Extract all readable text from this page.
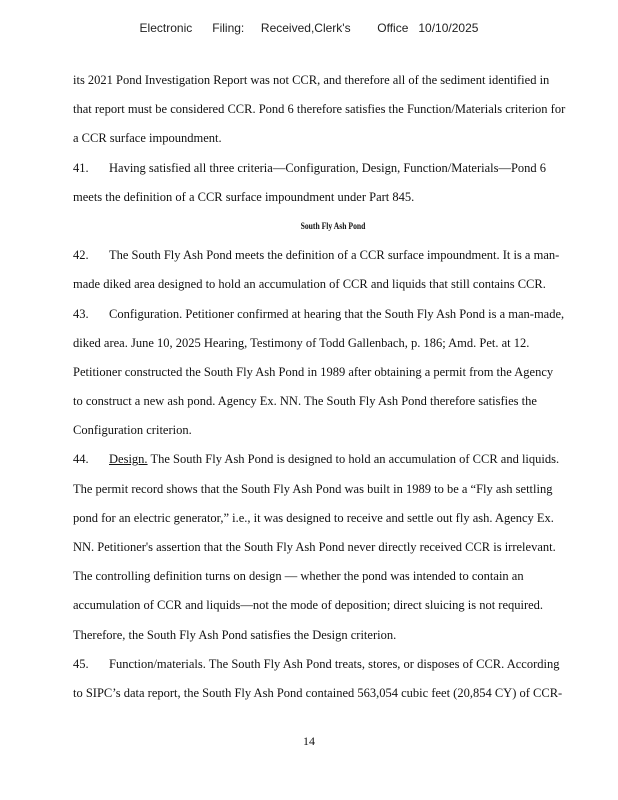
Electronic      Filing:     Received,Clerk's        Office   10/10/2025
its 2021 Pond Investigation Report was not CCR, and therefore all of the sediment identified in
that report must be considered CCR. Pond 6 therefore satisfies the Function/Materials criterion for
a CCR surface impoundment.
41. Having satisfied all three criteria—Configuration, Design, Function/Materials—Pond 6
meets the definition of a CCR surface impoundment under Part 845.
South Fly Ash Pond
42. The South Fly Ash Pond meets the definition of a CCR surface impoundment. It is a man-
made diked area designed to hold an accumulation of CCR and liquids that still contains CCR.
43. Configuration. Petitioner confirmed at hearing that the South Fly Ash Pond is a man-made,
diked area. June 10, 2025 Hearing, Testimony of Todd Gallenbach, p. 186; Amd. Pet. at 12.
Petitioner constructed the South Fly Ash Pond in 1989 after obtaining a permit from the Agency
to construct a new ash pond. Agency Ex. NN. The South Fly Ash Pond therefore satisfies the
Configuration criterion.
44. Design. The South Fly Ash Pond is designed to hold an accumulation of CCR and liquids.
The permit record shows that the South Fly Ash Pond was built in 1989 to be a “Fly ash settling
pond for an electric generator,” i.e., it was designed to receive and settle out fly ash. Agency Ex.
NN. Petitioner's assertion that the South Fly Ash Pond never directly received CCR is irrelevant.
The controlling definition turns on design — whether the pond was intended to contain an
accumulation of CCR and liquids—not the mode of deposition; direct sluicing is not required.
Therefore, the South Fly Ash Pond satisfies the Design criterion.
45. Function/materials. The South Fly Ash Pond treats, stores, or disposes of CCR. According
to SIPC’s data report, the South Fly Ash Pond contained 563,054 cubic feet (20,854 CY) of CCR-
14
